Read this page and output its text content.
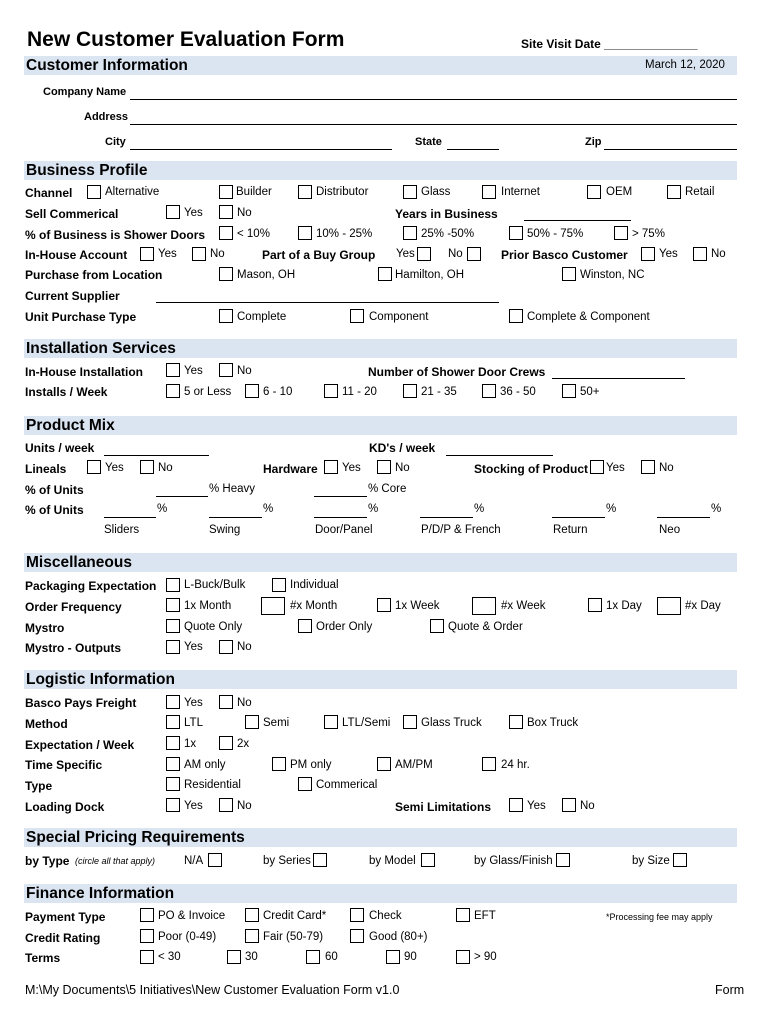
New Customer Evaluation Form	Site Visit Date ______________
Customer Information	March 12, 2020
Company Name
Address
City	State	Zip
Business Profile
Channel	Alternative	Builder	Distributor	Glass	Internet	OEM	Retail
Sell Commerical	Yes	No	Years in Business
% of Business is Shower Doors	< 10%	10% - 25%	25% -50%	50% - 75%	> 75%
In-House Account	Yes	No	Part of a Buy Group Yes	No	Prior Basco Customer	Yes	No
Purchase from Location	Mason, OH	Hamilton, OH	Winston, NC
Current Supplier
Unit Purchase Type	Complete	Component	Complete & Component
Installation Services
In-House Installation	Yes	No	Number of Shower Door Crews
Installs / Week	5 or Less	6 - 10	11 - 20	21 - 35	36 - 50	50+
Product Mix
Units / week	KD's / week
Lineals	Yes	No	Hardware Yes	No	Stocking of Product Yes	No
% of Units	% Heavy	% Core
% of Units	%	%	%	%	%	%
Sliders	Swing	Door/Panel	P/D/P & French	Return	Neo
Miscellaneous
Packaging Expectation L-Buck/Bulk	Individual
Order Frequency	1x Month	#x Month	1x Week	#x Week	1x Day	#x Day
Mystro	Quote Only	Order Only	Quote & Order
Mystro - Outputs	Yes	No
Logistic Information
Basco Pays Freight	Yes	No
Method	LTL	Semi	LTL/Semi	Glass Truck	Box Truck
Expectation / Week	1x	2x
Time Specific	AM only	PM only	AM/PM	24 hr.
Type	Residential	Commerical
Loading Dock	Yes	No	Semi Limitations	Yes	No
Special Pricing Requirements
by Type (circle all that apply)	N/A	by Series	by Model	by Glass/Finish	by Size
Finance Information
Payment Type	PO & Invoice	Credit Card*	Check	EFT	*Processing fee may apply
Credit Rating	Poor (0-49)	Fair (50-79)	Good (80+)
Terms	< 30	30	60	90	> 90
M:\My Documents\5 Initiatives\New Customer Evaluation Form v1.0	Form
